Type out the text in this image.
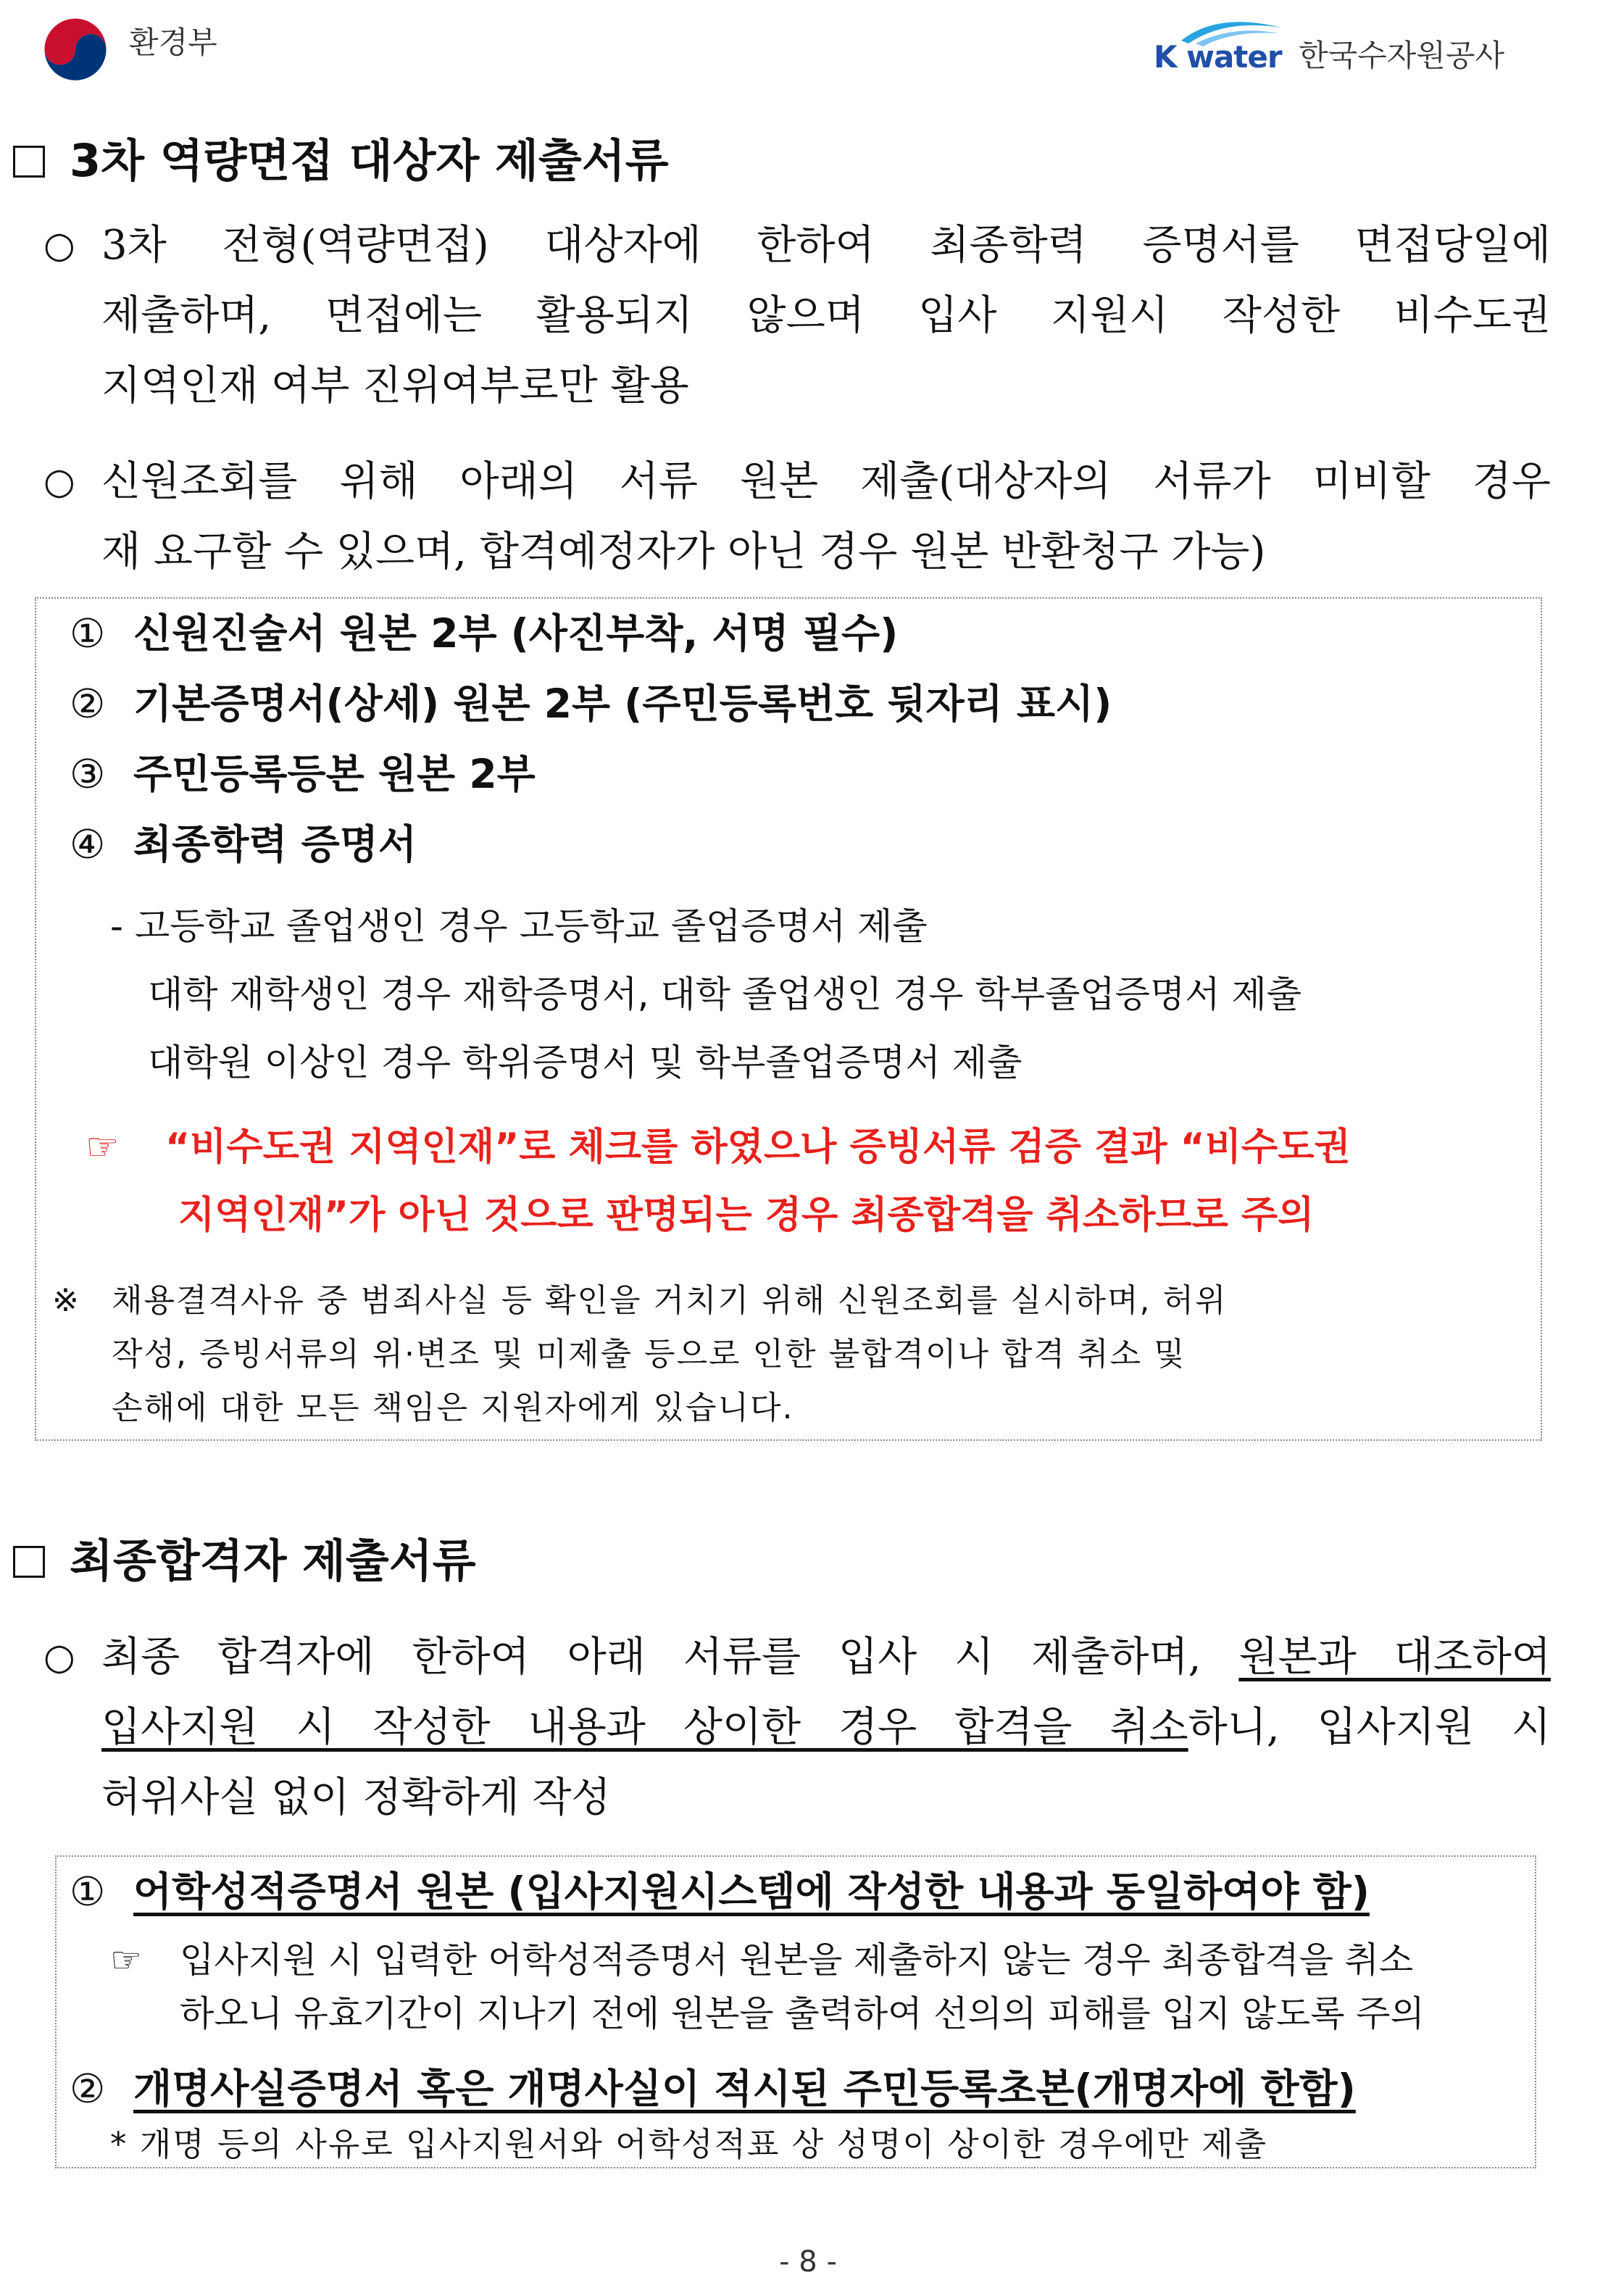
환경부	K water 한국수자원공사
3차 역량면접 대상자 제출서류
○ 3차 전형(역량면접) 대상자에 한하여 최종학력 증명서를 면접당일에
제출하며, 면접에는 활용되지 않으며 입사 지원시 작성한 비수도권
지역인재 여부 진위여부로만 활용
○ 신원조회를 위해 아래의 서류 원본 제출(대상자의 서류가 미비할 경우
재 요구할 수 있으며, 합격예정자가 아닌 경우 원본 반환청구 가능)
① 신원진술서 원본 2부 (사진부착, 서명 필수)
② 기본증명서(상세) 원본 2부 (주민등록번호 뒷자리 표시)
③ 주민등록등본 원본 2부
④ 최종학력 증명서
- 고등학교 졸업생인 경우 고등학교 졸업증명서 제출
대학 재학생인 경우 재학증명서, 대학 졸업생인 경우 학부졸업증명서 제출
대학원 이상인 경우 학위증명서 및 학부졸업증명서 제출
☞ “비수도권 지역인재”로 체크를 하였으나 증빙서류 검증 결과 “비수도권
지역인재”가 아닌 것으로 판명되는 경우 최종합격을 취소하므로 주의
※ 채용결격사유 중 범죄사실 등 확인을 거치기 위해 신원조회를 실시하며, 허위
작성, 증빙서류의 위·변조 및 미제출 등으로 인한 불합격이나 합격 취소 및
손해에 대한 모든 책임은 지원자에게 있습니다.
최종합격자 제출서류
○ 최종 합격자에 한하여 아래 서류를 입사 시 제출하며, 원본과 대조하여
입사지원 시 작성한 내용과 상이한 경우 합격을 취소하니, 입사지원 시
허위사실 없이 정확하게 작성
① 어학성적증명서 원본 (입사지원시스템에 작성한 내용과 동일하여야 함)
☞ 입사지원 시 입력한 어학성적증명서 원본을 제출하지 않는 경우 최종합격을 취소
하오니 유효기간이 지나기 전에 원본을 출력하여 선의의 피해를 입지 않도록 주의
② 개명사실증명서 혹은 개명사실이 적시된 주민등록초본(개명자에 한함)
* 개명 등의 사유로 입사지원서와 어학성적표 상 성명이 상이한 경우에만 제출
- 8 -
